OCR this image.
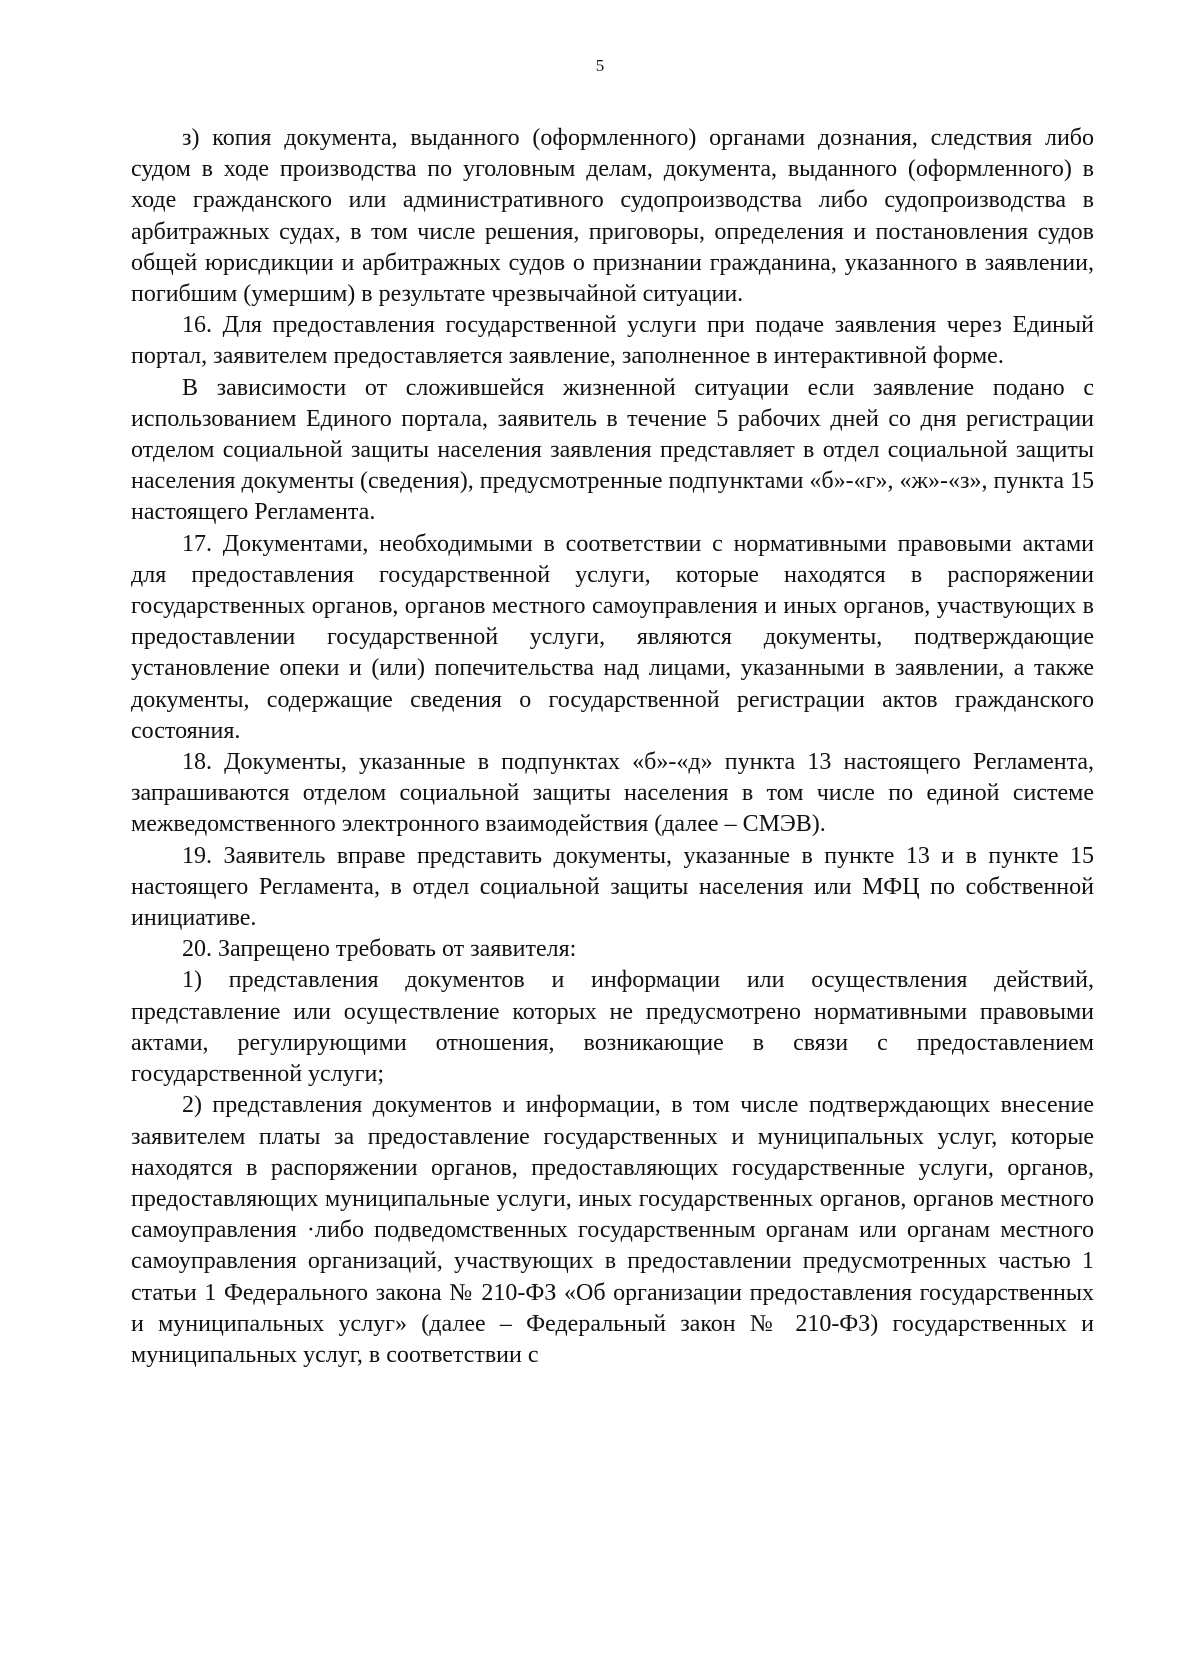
5

з) копия документа, выданного (оформленного) органами дознания, следствия либо судом в ходе производства по уголовным делам, документа, выданного (оформленного) в ходе гражданского или административного судопроизводства либо судопроизводства в арбитражных судах, в том числе решения, приговоры, определения и постановления судов общей юрисдикции и арбитражных судов о признании гражданина, указанного в заявлении, погибшим (умершим) в результате чрезвычайной ситуации.

16. Для предоставления государственной услуги при подаче заявления через Единый портал, заявителем предоставляется заявление, заполненное в интерактивной форме.

В зависимости от сложившейся жизненной ситуации если заявление подано с использованием Единого портала, заявитель в течение 5 рабочих дней со дня регистрации отделом социальной защиты населения заявления представляет в отдел социальной защиты населения документы (сведения), предусмотренные подпунктами «б»-«г», «ж»-«з», пункта 15 настоящего Регламента.

17. Документами, необходимыми в соответствии с нормативными правовыми актами для предоставления государственной услуги, которые находятся в распоряжении государственных органов, органов местного самоуправления и иных органов, участвующих в предоставлении государственной услуги, являются документы, подтверждающие установление опеки и (или) попечительства над лицами, указанными в заявлении, а также документы, содержащие сведения о государственной регистрации актов гражданского состояния.

18. Документы, указанные в подпунктах «б»-«д» пункта 13 настоящего Регламента, запрашиваются отделом социальной защиты населения в том числе по единой системе межведомственного электронного взаимодействия (далее – СМЭВ).

19. Заявитель вправе представить документы, указанные в пункте 13 и в пункте 15 настоящего Регламента, в отдел социальной защиты населения или МФЦ по собственной инициативе.

20. Запрещено требовать от заявителя:

1) представления документов и информации или осуществления действий, представление или осуществление которых не предусмотрено нормативными правовыми актами, регулирующими отношения, возникающие в связи с предоставлением государственной услуги;

2) представления документов и информации, в том числе подтверждающих внесение заявителем платы за предоставление государственных и муниципальных услуг, которые находятся в распоряжении органов, предоставляющих государственные услуги, органов, предоставляющих муниципальные услуги, иных государственных органов, органов местного самоуправления ·либо подведомственных государственным органам или органам местного самоуправления организаций, участвующих в предоставлении предусмотренных частью 1 статьи 1 Федерального закона № 210-ФЗ «Об организации предоставления государственных и муниципальных услуг» (далее – Федеральный закон № 210-ФЗ) государственных и муниципальных услуг, в соответствии с
